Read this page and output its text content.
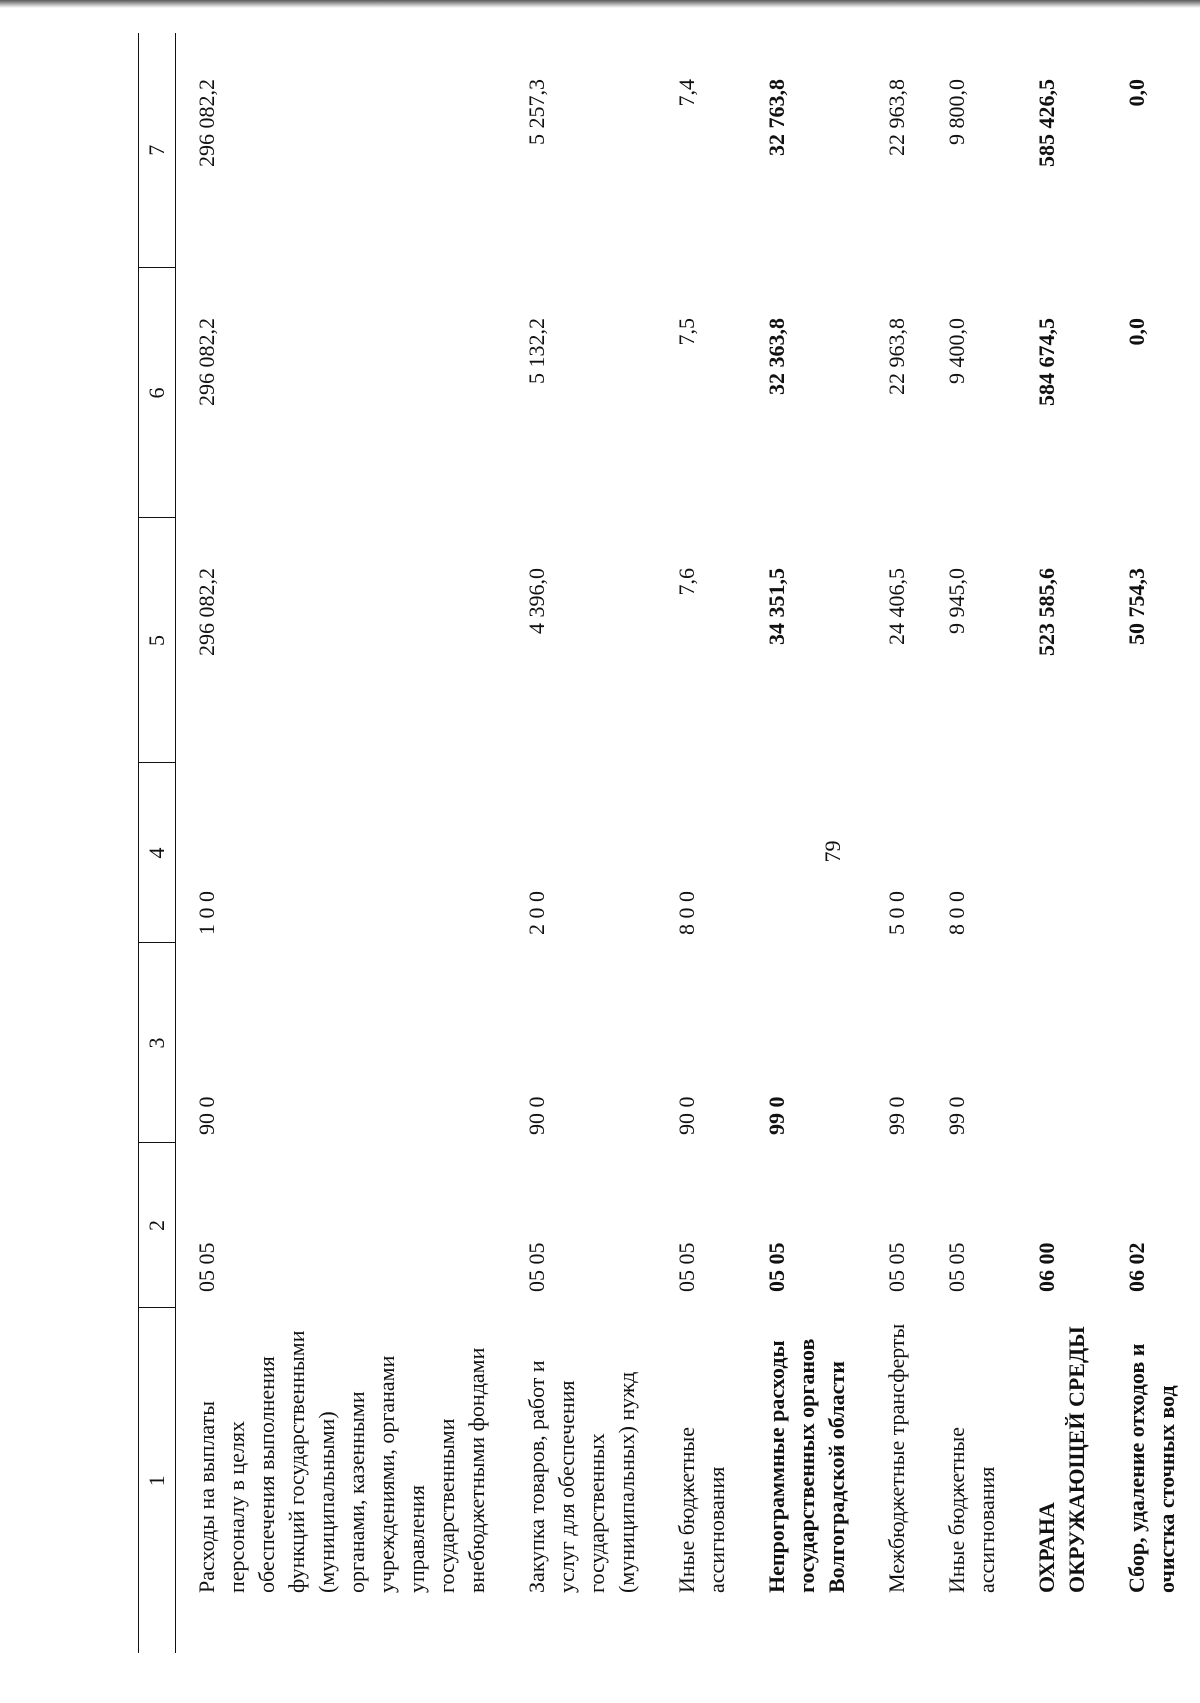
79
1	2	3	4	5	6	7
Расходы на выплаты персоналу в целях обеспечения выполнения функций государственными (муниципальными) органами, казенными учреждениями, органами управления государственными внебюджетными фондами	05 05	90 0	1 0 0	296 082,2	296 082,2	296 082,2
Закупка товаров, работ и услуг для обеспечения государственных (муниципальных) нужд	05 05	90 0	2 0 0	4 396,0	5 132,2	5 257,3
Иные бюджетные ассигнования	05 05	90 0	8 0 0	7,6	7,5	7,4
Непрограммные расходы государственных органов Волгоградской области	05 05	99 0		34 351,5	32 363,8	32 763,8
Межбюджетные трансферты	05 05	99 0	5 0 0	24 406,5	22 963,8	22 963,8
Иные бюджетные ассигнования	05 05	99 0	8 0 0	9 945,0	9 400,0	9 800,0
ОХРАНА ОКРУЖАЮЩЕЙ СРЕДЫ	06 00			523 585,6	584 674,5	585 426,5
Сбор, удаление отходов и очистка сточных вод	06 02			50 754,3	0,0	0,0
